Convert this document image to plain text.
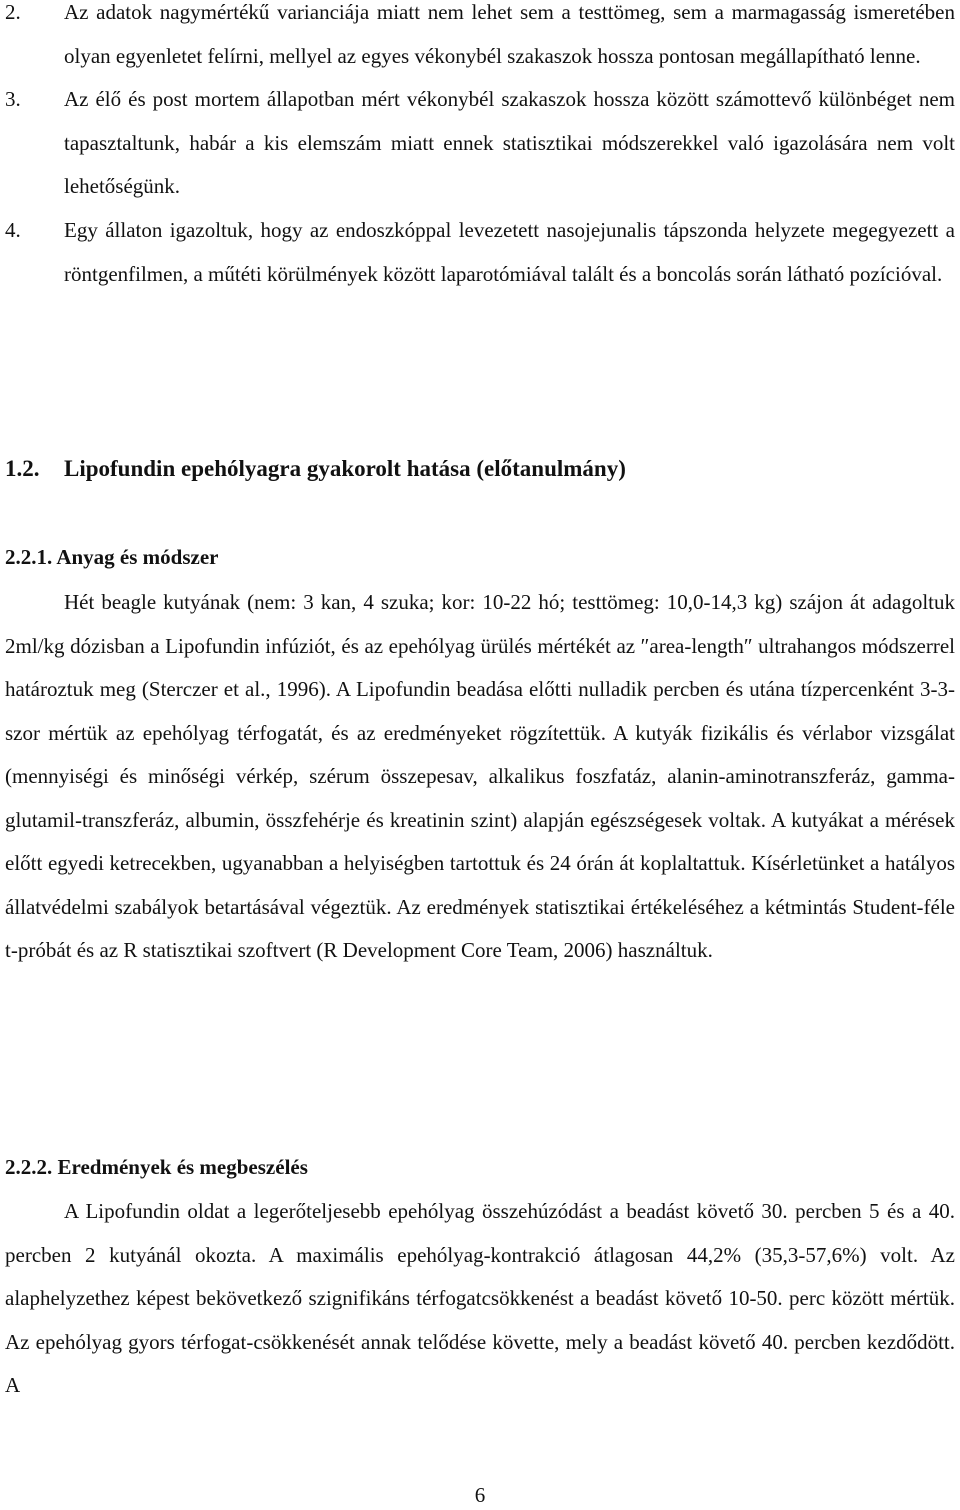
2. Az adatok nagymértékű varianciája miatt nem lehet sem a testtömeg, sem a marmagasság ismeretében olyan egyenletet felírni, mellyel az egyes vékonybél szakaszok hossza pontosan megállapítható lenne.
3. Az élő és post mortem állapotban mért vékonybél szakaszok hossza között számottevő különbéget nem tapasztaltunk, habár a kis elemszám miatt ennek statisztikai módszerekkel való igazolására nem volt lehetőségünk.
4. Egy állaton igazoltuk, hogy az endoszkóppal levezetett nasojejunalis tápszonda helyzete megegyezett a röntgenfilmen, a műtéti körülmények között laparotómiával talált és a boncolás során látható pozícióval.
1.2. Lipofundin epehólyagra gyakorolt hatása (előtanulmány)
2.2.1. Anyag és módszer

Hét beagle kutyának (nem: 3 kan, 4 szuka; kor: 10-22 hó; testtömeg: 10,0-14,3 kg) szájon át adagoltuk 2ml/kg dózisban a Lipofundin infúziót, és az epehólyag ürülés mértékét az ″area-length″ ultrahangos módszerrel határoztuk meg (Sterczer et al., 1996). A Lipofundin beadása előtti nulladik percben és utána tízpercenként 3-3-szor mértük az epehólyag térfogatát, és az eredményeket rögzítettük. A kutyák fizikális és vérlabor vizsgálat (mennyiségi és minőségi vérkép, szérum összepesav, alkalikus foszfatáz, alanin-aminotranszferáz, gamma-glutamil-transzferáz, albumin, összfehérje és kreatinin szint) alapján egészségesek voltak. A kutyákat a mérések előtt egyedi ketrecekben, ugyanabban a helyiségben tartottuk és 24 órán át koplaltattuk. Kísérletünket a hatályos állatvédelmi szabályok betartásával végeztük. Az eredmények statisztikai értékeléséhez a kétmintás Student-féle t-próbát és az R statisztikai szoftvert (R Development Core Team, 2006) használtuk.

2.2.2. Eredmények és megbeszélés

A Lipofundin oldat a legerőteljesebb epehólyag összehúzódást a beadást követő 30. percben 5 és a 40. percben 2 kutyánál okozta. A maximális epehólyag-kontrakció átlagosan 44,2% (35,3-57,6%) volt. Az alaphelyzethez képest bekövetkező szignifikáns térfogatcsökkenést a beadást követő 10-50. perc között mértük. Az epehólyag gyors térfogat-csökkenését annak telődése követte, mely a beadást követő 40. percben kezdődött. A

6
